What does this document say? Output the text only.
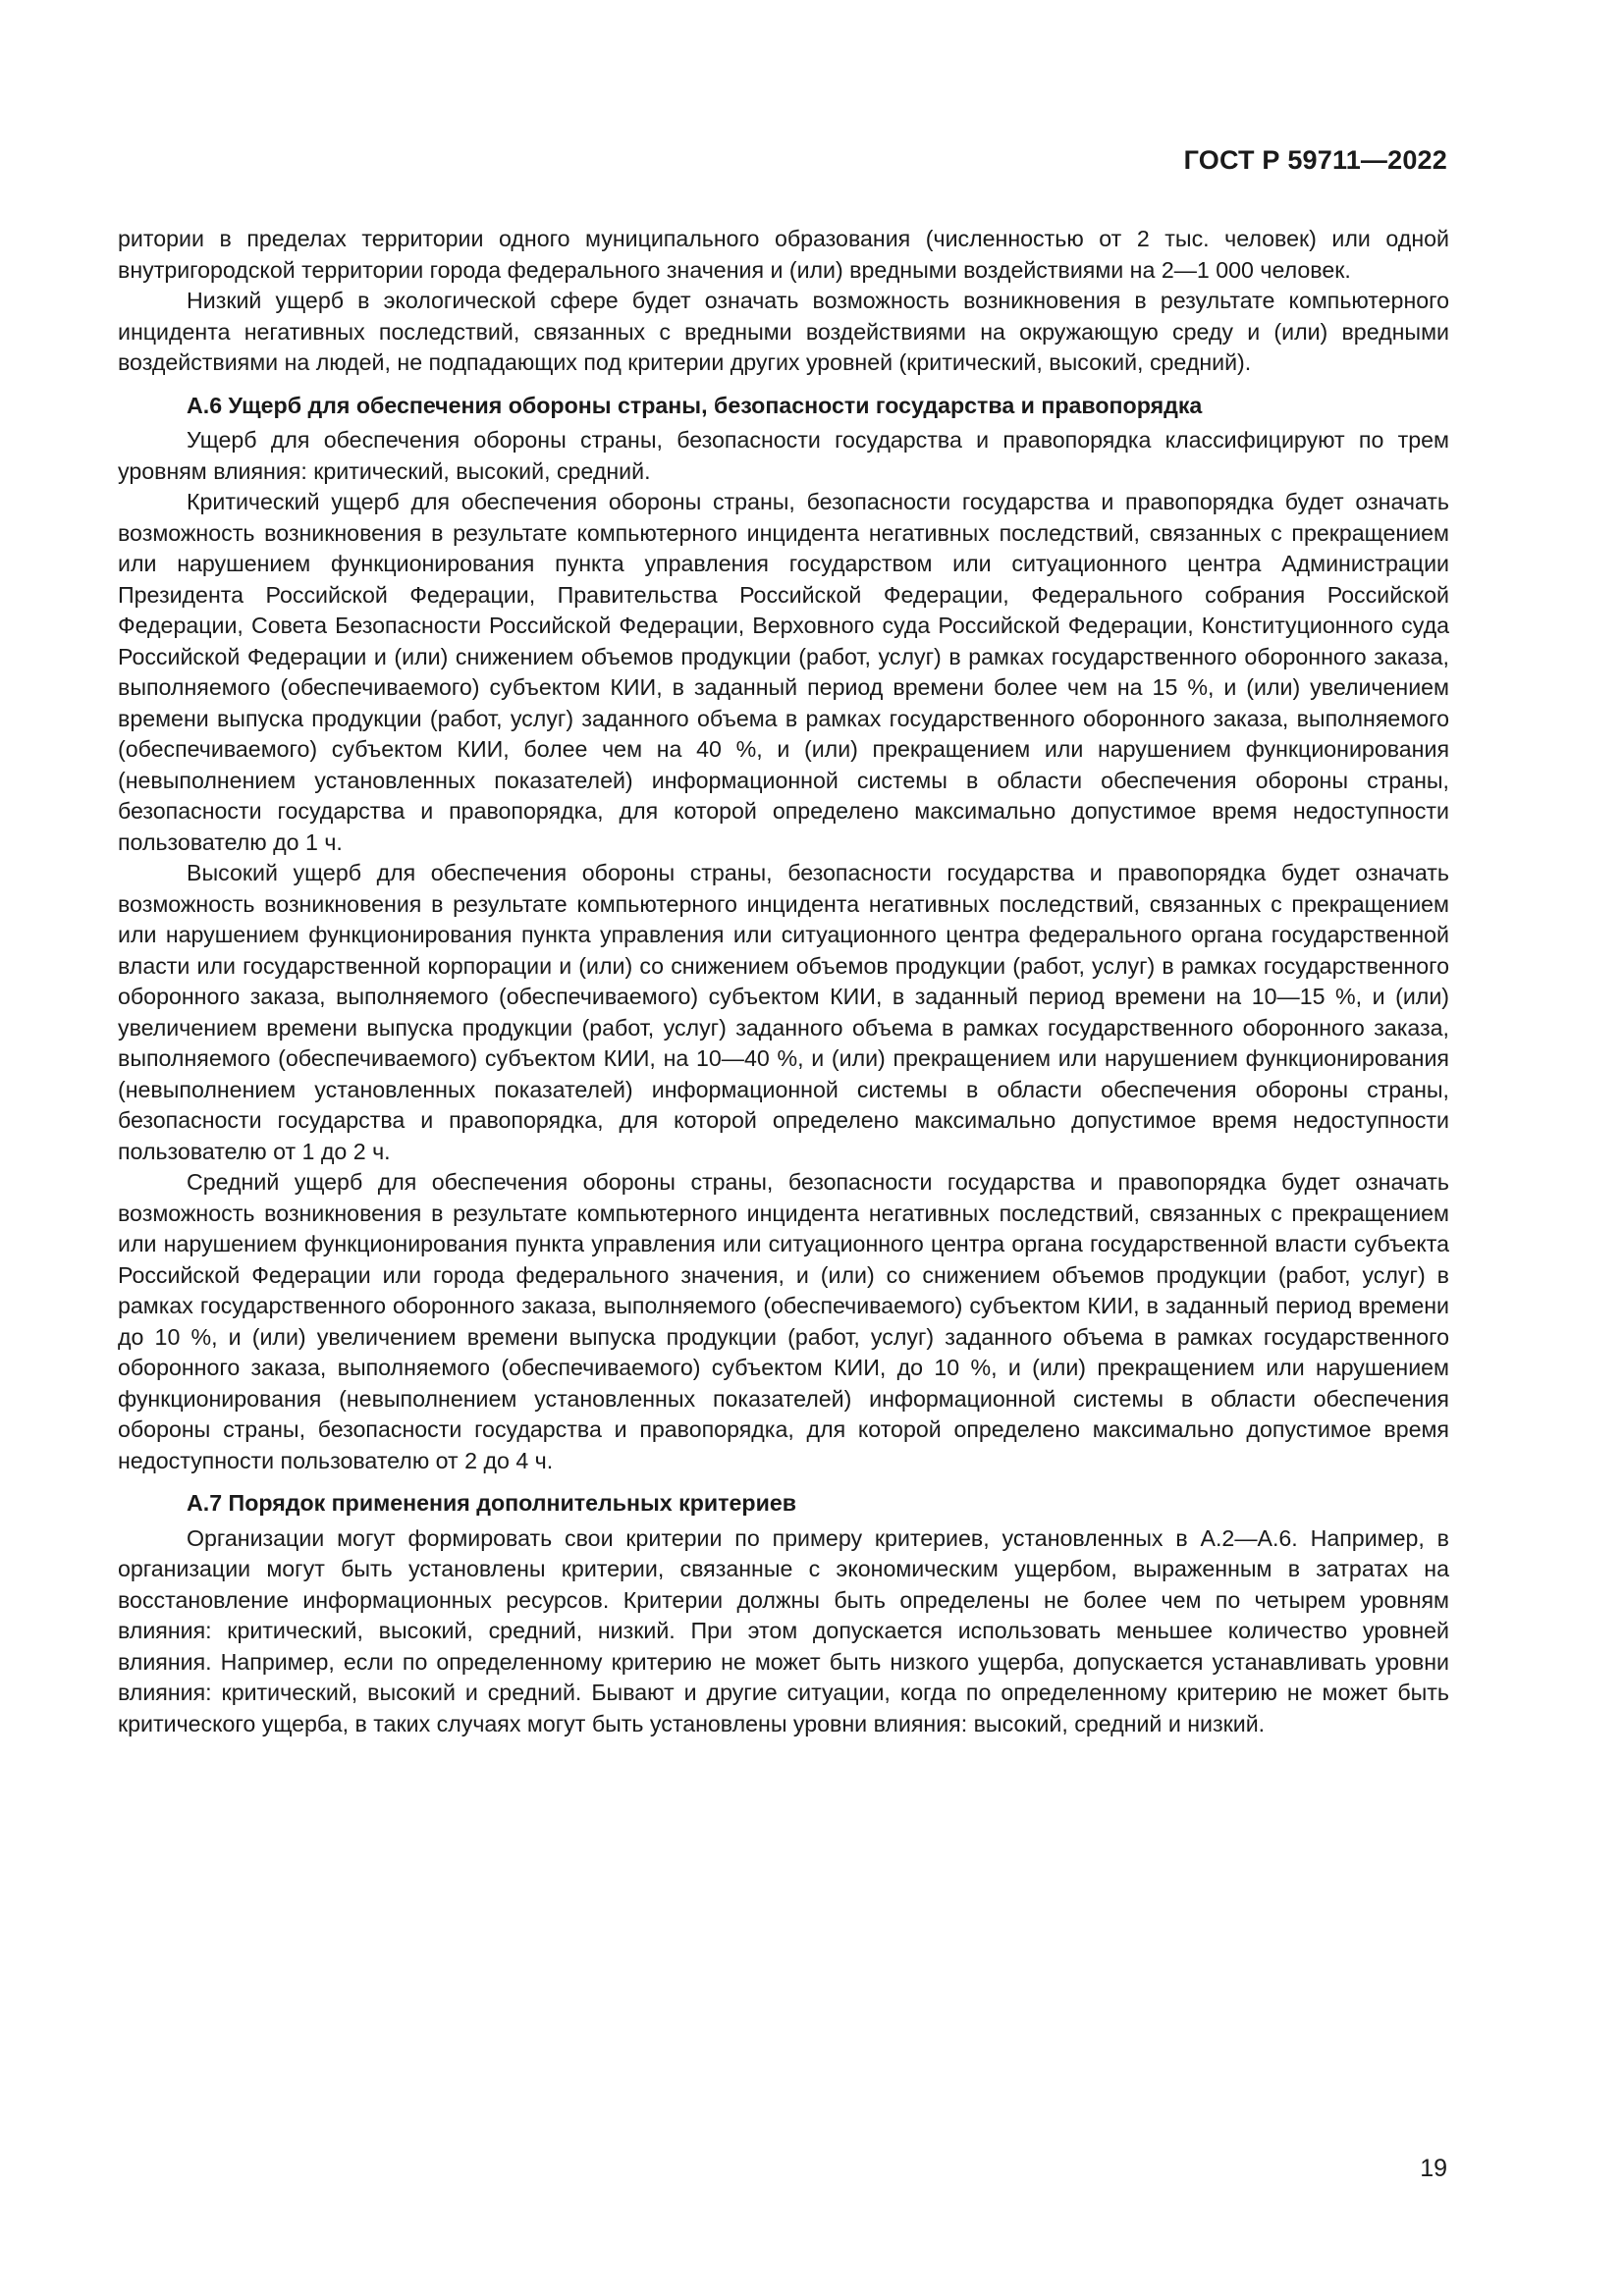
ГОСТ Р 59711—2022

ритории в пределах территории одного муниципального образования (численностью от 2 тыс. человек) или одной внутригородской территории города федерального значения и (или) вредными воздействиями на 2—1 000 человек.

Низкий ущерб в экологической сфере будет означать возможность возникновения в результате компьютерного инцидента негативных последствий, связанных с вредными воздействиями на окружающую среду и (или) вредными воздействиями на людей, не подпадающих под критерии других уровней (критический, высокий, средний).

А.6 Ущерб для обеспечения обороны страны, безопасности государства и правопорядка

Ущерб для обеспечения обороны страны, безопасности государства и правопорядка классифицируют по трем уровням влияния: критический, высокий, средний.

Критический ущерб для обеспечения обороны страны, безопасности государства и правопорядка будет означать возможность возникновения в результате компьютерного инцидента негативных последствий, связанных с прекращением или нарушением функционирования пункта управления государством или ситуационного центра Администрации Президента Российской Федерации, Правительства Российской Федерации, Федерального собрания Российской Федерации, Совета Безопасности Российской Федерации, Верховного суда Российской Федерации, Конституционного суда Российской Федерации и (или) снижением объемов продукции (работ, услуг) в рамках государственного оборонного заказа, выполняемого (обеспечиваемого) субъектом КИИ, в заданный период времени более чем на 15 %, и (или) увеличением времени выпуска продукции (работ, услуг) заданного объема в рамках государственного оборонного заказа, выполняемого (обеспечиваемого) субъектом КИИ, более чем на 40 %, и (или) прекращением или нарушением функционирования (невыполнением установленных показателей) информационной системы в области обеспечения обороны страны, безопасности государства и правопорядка, для которой определено максимально допустимое время недоступности пользователю до 1 ч.

Высокий ущерб для обеспечения обороны страны, безопасности государства и правопорядка будет означать возможность возникновения в результате компьютерного инцидента негативных последствий, связанных с прекращением или нарушением функционирования пункта управления или ситуационного центра федерального органа государственной власти или государственной корпорации и (или) со снижением объемов продукции (работ, услуг) в рамках государственного оборонного заказа, выполняемого (обеспечиваемого) субъектом КИИ, в заданный период времени на 10—15 %, и (или) увеличением времени выпуска продукции (работ, услуг) заданного объема в рамках государственного оборонного заказа, выполняемого (обеспечиваемого) субъектом КИИ, на 10—40 %, и (или) прекращением или нарушением функционирования (невыполнением установленных показателей) информационной системы в области обеспечения обороны страны, безопасности государства и правопорядка, для которой определено максимально допустимое время недоступности пользователю от 1 до 2 ч.

Средний ущерб для обеспечения обороны страны, безопасности государства и правопорядка будет означать возможность возникновения в результате компьютерного инцидента негативных последствий, связанных с прекращением или нарушением функционирования пункта управления или ситуационного центра органа государственной власти субъекта Российской Федерации или города федерального значения, и (или) со снижением объемов продукции (работ, услуг) в рамках государственного оборонного заказа, выполняемого (обеспечиваемого) субъектом КИИ, в заданный период времени до 10 %, и (или) увеличением времени выпуска продукции (работ, услуг) заданного объема в рамках государственного оборонного заказа, выполняемого (обеспечиваемого) субъектом КИИ, до 10 %, и (или) прекращением или нарушением функционирования (невыполнением установленных показателей) информационной системы в области обеспечения обороны страны, безопасности государства и правопорядка, для которой определено максимально допустимое время недоступности пользователю от 2 до 4 ч.

А.7 Порядок применения дополнительных критериев

Организации могут формировать свои критерии по примеру критериев, установленных в А.2—А.6. Например, в организации могут быть установлены критерии, связанные с экономическим ущербом, выраженным в затратах на восстановление информационных ресурсов. Критерии должны быть определены не более чем по четырем уровням влияния: критический, высокий, средний, низкий. При этом допускается использовать меньшее количество уровней влияния. Например, если по определенному критерию не может быть низкого ущерба, допускается устанавливать уровни влияния: критический, высокий и средний. Бывают и другие ситуации, когда по определенному критерию не может быть критического ущерба, в таких случаях могут быть установлены уровни влияния: высокий, средний и низкий.

19
